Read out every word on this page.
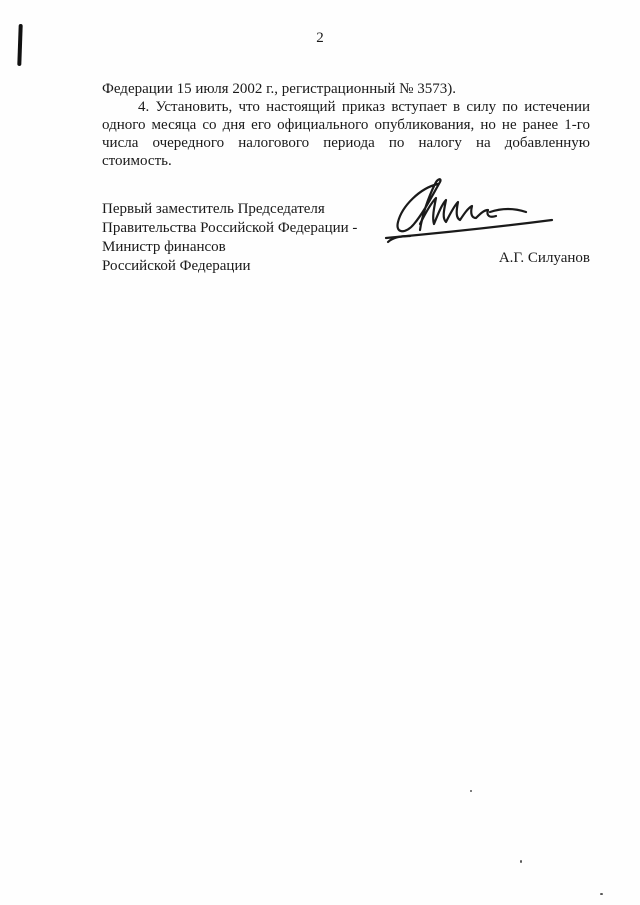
2

Федерации 15 июля 2002 г., регистрационный № 3573).

4. Установить, что настоящий приказ вступает в силу по истечении одного месяца со дня его официального опубликования, но не ранее 1-го числа очередного налогового периода по налогу на добавленную стоимость.

Первый заместитель Председателя
Правительства Российской Федерации -
Министр финансов
Российской Федерации	А.Г. Силуанов
